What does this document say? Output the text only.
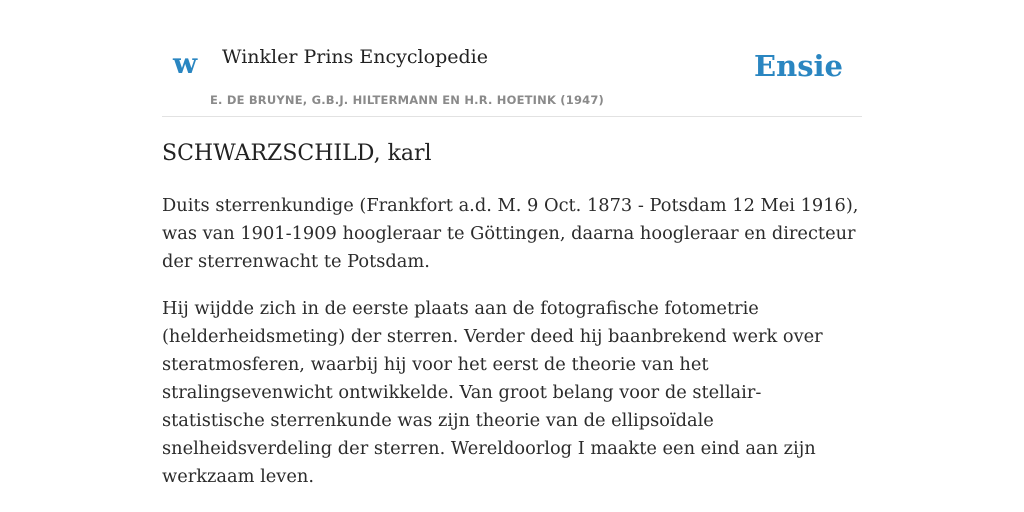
w Winkler Prins Encyclopedie
E. DE BRUYNE, G.B.J. HILTERMANN EN H.R. HOETINK (1947)
Ensie
SCHWARZSCHILD, karl

Duits sterrenkundige (Frankfort a.d. M. 9 Oct. 1873 - Potsdam 12 Mei 1916), was van 1901-1909 hoogleraar te Göttingen, daarna hoogleraar en directeur der sterrenwacht te Potsdam.

Hij wijdde zich in de eerste plaats aan de fotografische fotometrie (helderheidsmeting) der sterren. Verder deed hij baanbrekend werk over steratmosferen, waarbij hij voor het eerst de theorie van het stralingsevenwicht ontwikkelde. Van groot belang voor de stellair-statistische sterrenkunde was zijn theorie van de ellipsoïdale snelheidsverdeling der sterren. Wereldoorlog I maakte een eind aan zijn werkzaam leven.
